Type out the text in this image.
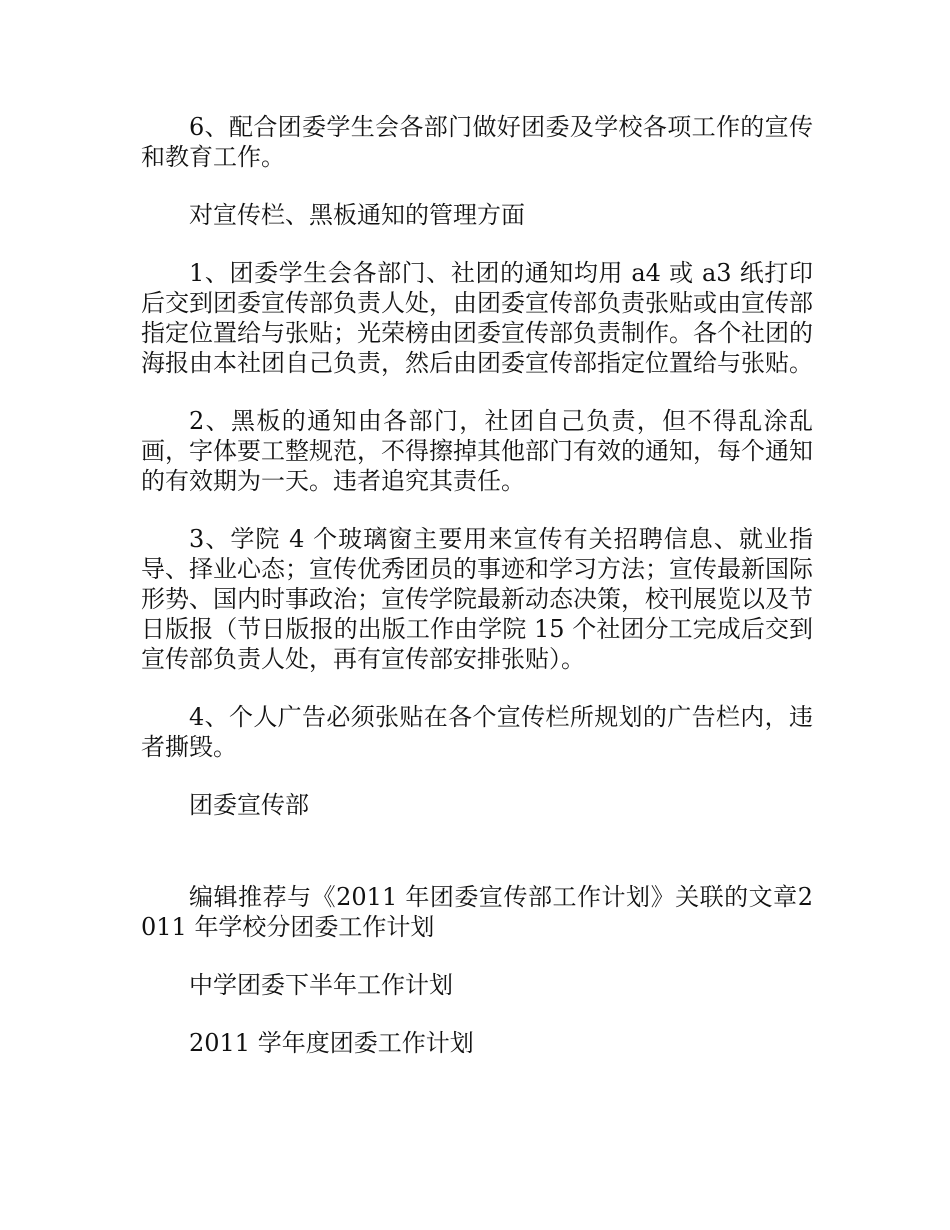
6、配合团委学生会各部门做好团委及学校各项工作的宣传和教育工作。

对宣传栏、黑板通知的管理方面

1、团委学生会各部门、社团的通知均用 a4 或 a3 纸打印后交到团委宣传部负责人处，由团委宣传部负责张贴或由宣传部指定位置给与张贴；光荣榜由团委宣传部负责制作。各个社团的海报由本社团自己负责，然后由团委宣传部指定位置给与张贴。

2、黑板的通知由各部门，社团自己负责，但不得乱涂乱画，字体要工整规范，不得擦掉其他部门有效的通知，每个通知的有效期为一天。违者追究其责任。

3、学院 4 个玻璃窗主要用来宣传有关招聘信息、就业指导、择业心态；宣传优秀团员的事迹和学习方法；宣传最新国际形势、国内时事政治；宣传学院最新动态决策，校刊展览以及节日版报（节日版报的出版工作由学院 15 个社团分工完成后交到宣传部负责人处，再有宣传部安排张贴）。

4、个人广告必须张贴在各个宣传栏所规划的广告栏内，违者撕毁。

团委宣传部

编辑推荐与《2011 年团委宣传部工作计划》关联的文章2011 年学校分团委工作计划

中学团委下半年工作计划

2011 学年度团委工作计划
